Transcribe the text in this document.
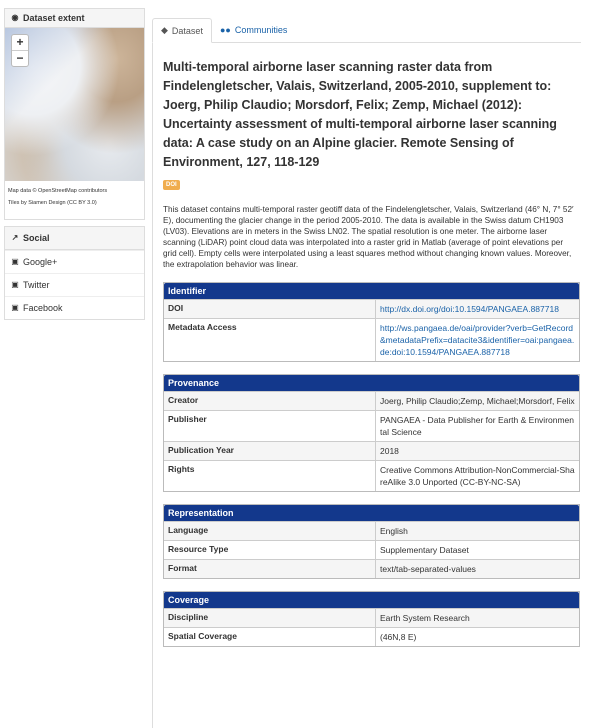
◉ Dataset extent
+
−
Map data © OpenStreetMap contributors
Tiles by Siamen Design (CC BY 3.0)
↗ Social
▣ Google+
▣ Twitter
▣ Facebook
◆ Dataset ●● Communities
Multi-temporal airborne laser scanning raster data from Findelengletscher, Valais, Switzerland, 2005-2010, supplement to: Joerg, Philip Claudio; Morsdorf, Felix; Zemp, Michael (2012): Uncertainty assessment of multi-temporal airborne laser scanning data: A case study on an Alpine glacier. Remote Sensing of Environment, 127, 118-129
DOI
This dataset contains multi-temporal raster geotiff data of the Findelengletscher, Valais, Switzerland (46° N, 7° 52′ E), documenting the glacier change in the period 2005-2010. The data is available in the Swiss datum CH1903 (LV03). Elevations are in meters in the Swiss LN02. The spatial resolution is one meter. The airborne laser scanning (LiDAR) point cloud data was interpolated into a raster grid in Matlab (average of point elevations per grid cell). Empty cells were interpolated using a least squares method without changing known values. Moreover, the extrapolation behavior was linear.
Identifier
DOI	http://dx.doi.org/doi:10.1594/PANGAEA.887718
Metadata Access	http://ws.pangaea.de/oai/provider?verb=GetRecord&metadataPrefix=datacite3&identifier=oai:pangaea.de:doi:10.1594/PANGAEA.887718
Provenance
Creator	Joerg, Philip Claudio;Zemp, Michael;Morsdorf, Felix
Publisher	PANGAEA - Data Publisher for Earth & Environmental Science
Publication Year	2018
Rights	Creative Commons Attribution-NonCommercial-ShareAlike 3.0 Unported (CC-BY-NC-SA)
Representation
Language	English
Resource Type	Supplementary Dataset
Format	text/tab-separated-values
Coverage
Discipline	Earth System Research
Spatial Coverage	(46N,8 E)
